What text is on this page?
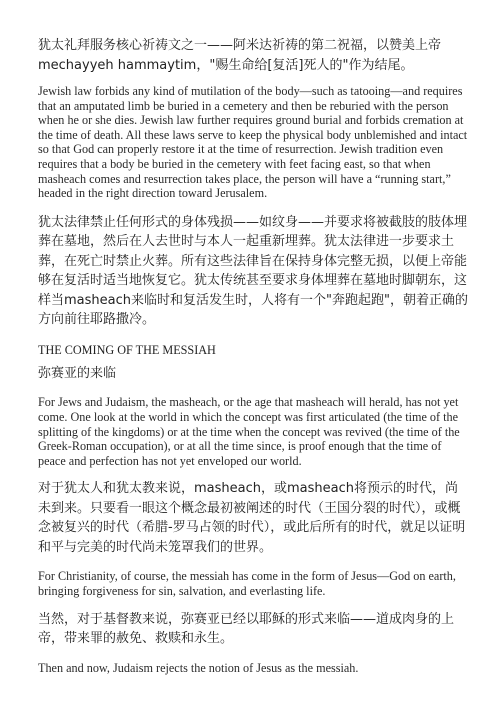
犹太礼拜服务核心祈祷文之一——阿米达祈祷的第二祝福，以赞美上帝mechayyeh hammaytim，"赐生命给[复活]死人的"作为结尾。

Jewish law forbids any kind of mutilation of the body—such as tatooing—and requires that an amputated limb be buried in a cemetery and then be reburied with the person when he or she dies. Jewish law further requires ground burial and forbids cremation at the time of death. All these laws serve to keep the physical body unblemished and intact so that God can properly restore it at the time of resurrection. Jewish tradition even requires that a body be buried in the cemetery with feet facing east, so that when masheach comes and resurrection takes place, the person will have a “running start,” headed in the right direction toward Jerusalem.

犹太法律禁止任何形式的身体残损——如纹身——并要求将被截肢的肢体埋葬在墓地，然后在人去世时与本人一起重新埋葬。犹太法律进一步要求土葬，在死亡时禁止火葬。所有这些法律旨在保持身体完整无损，以便上帝能够在复活时适当地恢复它。犹太传统甚至要求身体埋葬在墓地时脚朝东，这样当masheach来临时和复活发生时，人将有一个"奔跑起跑"，朝着正确的方向前往耶路撒冷。

THE COMING OF THE MESSIAH

弥赛亚的来临

For Jews and Judaism, the masheach, or the age that masheach will herald, has not yet come. One look at the world in which the concept was first articulated (the time of the splitting of the kingdoms) or at the time when the concept was revived (the time of the Greek-Roman occupation), or at all the time since, is proof enough that the time of peace and perfection has not yet enveloped our world.

对于犹太人和犹太教来说，masheach，或masheach将预示的时代，尚未到来。只要看一眼这个概念最初被阐述的时代（王国分裂的时代），或概念被复兴的时代（希腊-罗马占领的时代），或此后所有的时代，就足以证明和平与完美的时代尚未笼罩我们的世界。

For Christianity, of course, the messiah has come in the form of Jesus—God on earth, bringing forgiveness for sin, salvation, and everlasting life.

当然，对于基督教来说，弥赛亚已经以耶稣的形式来临——道成肉身的上帝，带来罪的赦免、救赎和永生。

Then and now, Judaism rejects the notion of Jesus as the messiah.
